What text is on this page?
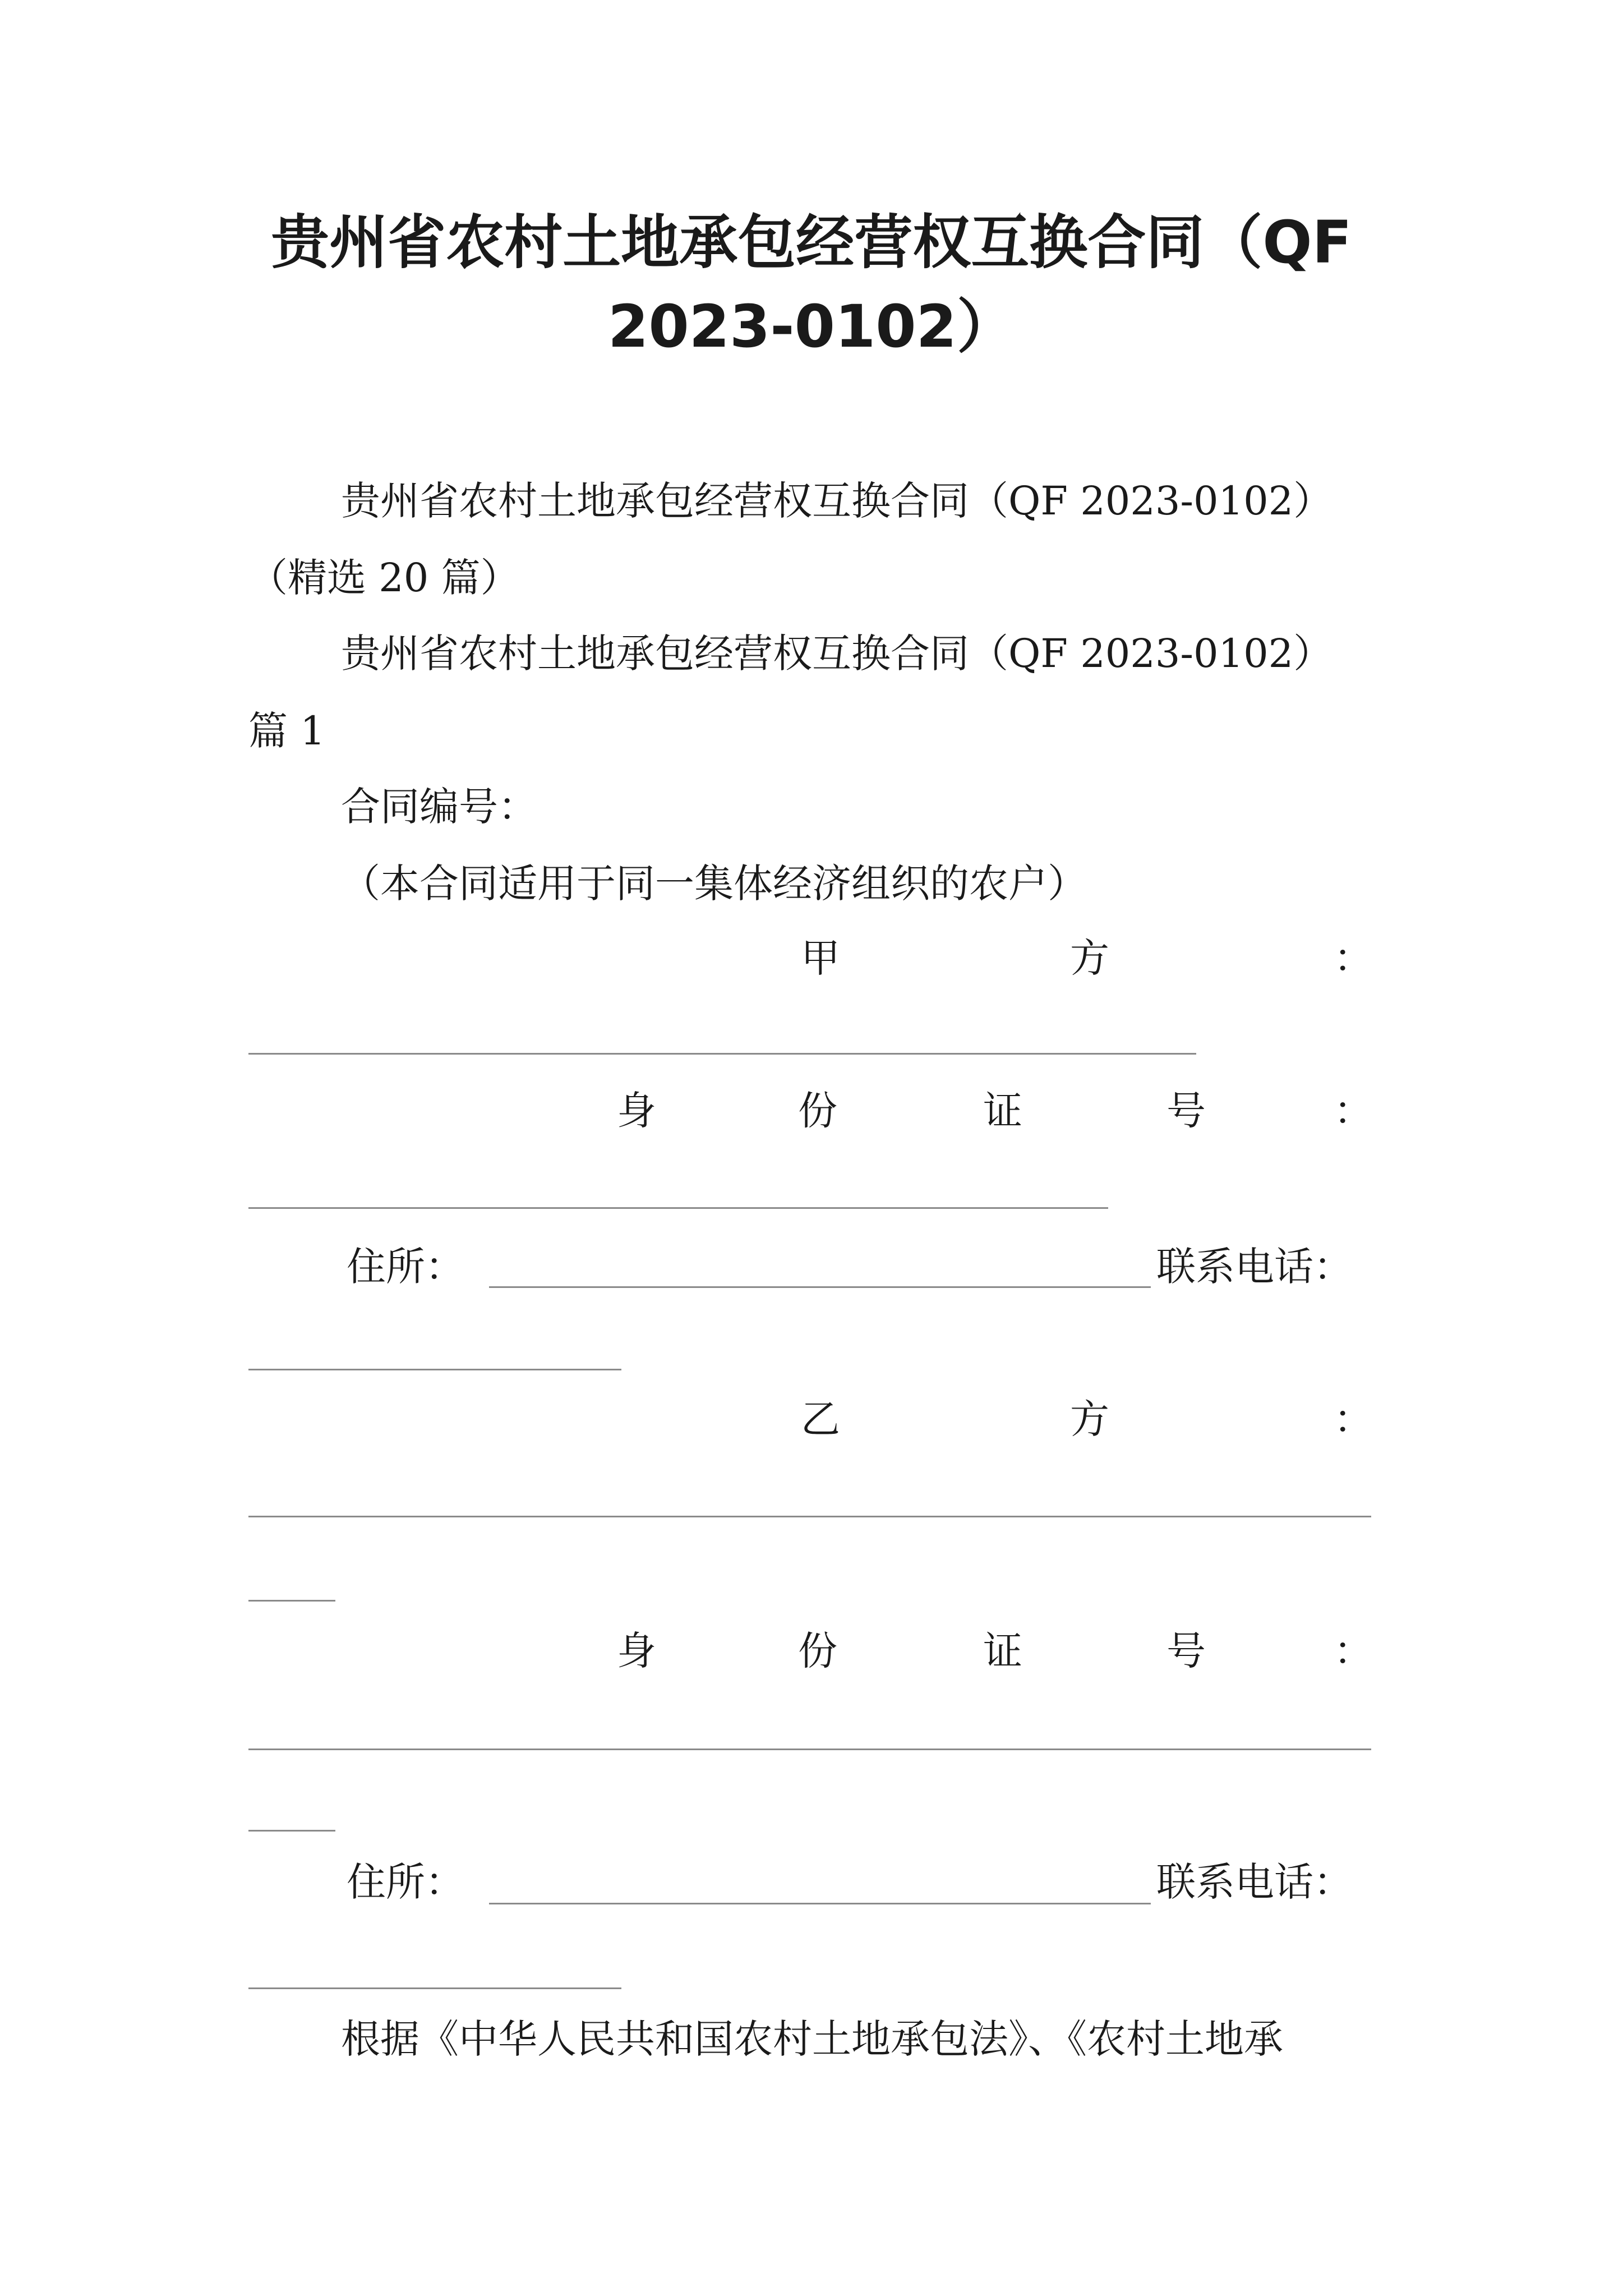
贵州省农村土地承包经营权互换合同（QF
2023-0102）
贵州省农村土地承包经营权互换合同（QF 2023-0102）
（精选 20 篇）
贵州省农村土地承包经营权互换合同（QF 2023-0102）
篇 1
合同编号：
（本合同适用于同一集体经济组织的农户）
甲	方	：
身	份	证	号	：
住所：	联系电话：
乙	方	：
身	份	证	号	：
住所：	联系电话：
根据《中华人民共和国农村土地承包法》、《农村土地承
